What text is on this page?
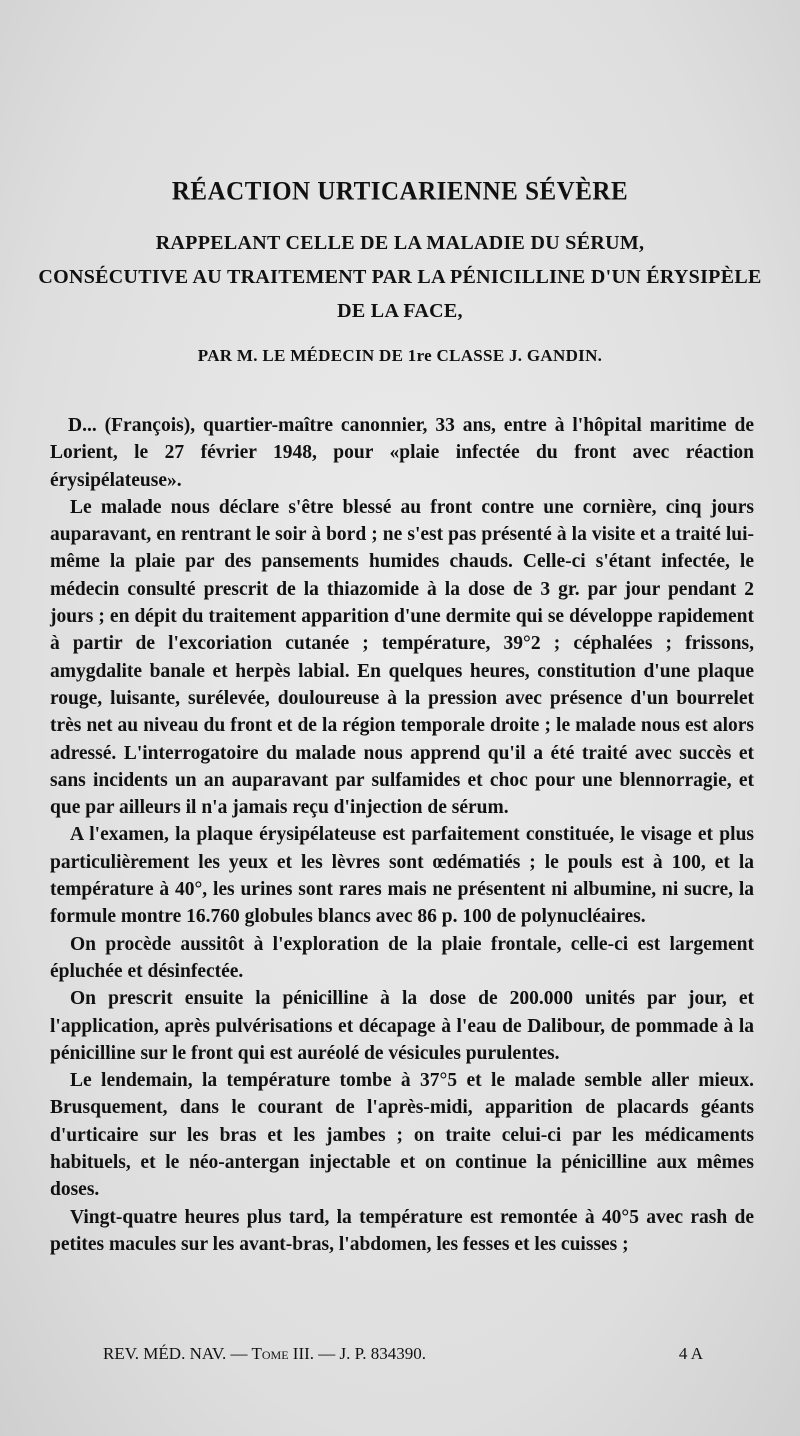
RÉACTION URTICARIENNE SÉVÈRE
RAPPELANT CELLE DE LA MALADIE DU SÉRUM,
CONSÉCUTIVE AU TRAITEMENT PAR LA PÉNICILLINE D'UN ÉRYSIPÈLE
DE LA FACE,
PAR M. LE MÉDECIN DE 1re CLASSE J. GANDIN.

D... (François), quartier-maître canonnier, 33 ans, entre à l'hôpital maritime de Lorient, le 27 février 1948, pour «plaie infectée du front avec réaction érysipélateuse».

Le malade nous déclare s'être blessé au front contre une cornière, cinq jours auparavant, en rentrant le soir à bord ; ne s'est pas présenté à la visite et a traité lui-même la plaie par des pansements humides chauds. Celle-ci s'étant infectée, le médecin consulté prescrit de la thiazomide à la dose de 3 gr. par jour pendant 2 jours ; en dépit du traitement apparition d'une dermite qui se développe rapidement à partir de l'excoriation cutanée ; température, 39°2 ; céphalées ; frissons, amygdalite banale et herpès labial. En quelques heures, constitution d'une plaque rouge, luisante, surélevée, douloureuse à la pression avec présence d'un bourrelet très net au niveau du front et de la région temporale droite ; le malade nous est alors adressé. L'interrogatoire du malade nous apprend qu'il a été traité avec succès et sans incidents un an auparavant par sulfamides et choc pour une blennorragie, et que par ailleurs il n'a jamais reçu d'injection de sérum.

A l'examen, la plaque érysipélateuse est parfaitement constituée, le visage et plus particulièrement les yeux et les lèvres sont œdématiés ; le pouls est à 100, et la température à 40°, les urines sont rares mais ne présentent ni albumine, ni sucre, la formule montre 16.760 globules blancs avec 86 p. 100 de polynucléaires.

On procède aussitôt à l'exploration de la plaie frontale, celle-ci est largement épluchée et désinfectée.

On prescrit ensuite la pénicilline à la dose de 200.000 unités par jour, et l'application, après pulvérisations et décapage à l'eau de Dalibour, de pommade à la pénicilline sur le front qui est auréolé de vésicules purulentes.

Le lendemain, la température tombe à 37°5 et le malade semble aller mieux. Brusquement, dans le courant de l'après-midi, apparition de placards géants d'urticaire sur les bras et les jambes ; on traite celui-ci par les médicaments habituels, et le néo-antergan injectable et on continue la pénicilline aux mêmes doses.

Vingt-quatre heures plus tard, la température est remontée à 40°5 avec rash de petites macules sur les avant-bras, l'abdomen, les fesses et les cuisses ;

REV. MÉD. NAV. — Tome III. — J. P. 834390.	4 A
